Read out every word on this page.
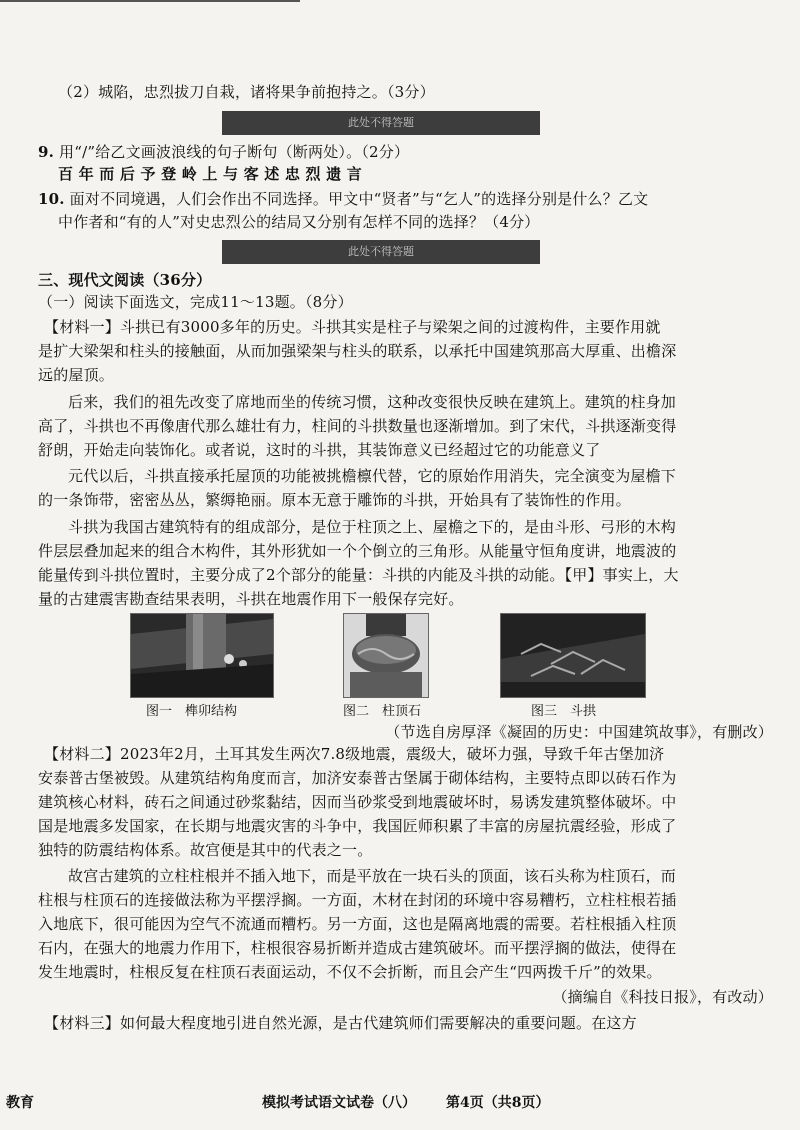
（2）城陷，忠烈拔刀自栽，诸将果争前抱持之。（3分）
此处不得答题
9. 用“/”给乙文画波浪线的句子断句（断两处）。（2分）
百 年 而 后 予 登 岭 上 与 客 述 忠 烈 遗 言
10. 面对不同境遇，人们会作出不同选择。甲文中“贤者”与“乞人”的选择分别是什么？乙文
中作者和“有的人”对史忠烈公的结局又分别有怎样不同的选择？（4分）
此处不得答题
三、现代文阅读（36分）
（一）阅读下面选文，完成11～13题。（8分）
【材料一】斗拱已有3000多年的历史。斗拱其实是柱子与梁架之间的过渡构件，主要作用就
是扩大梁架和柱头的接触面，从而加强梁架与柱头的联系，以承托中国建筑那高大厚重、出檐深
远的屋顶。
后来，我们的祖先改变了席地而坐的传统习惯，这种改变很快反映在建筑上。建筑的柱身加
高了，斗拱也不再像唐代那么雄壮有力，柱间的斗拱数量也逐渐增加。到了宋代，斗拱逐渐变得
舒朗，开始走向装饰化。或者说，这时的斗拱，其装饰意义已经超过它的功能意义了
元代以后，斗拱直接承托屋顶的功能被挑檐檩代替，它的原始作用消失，完全演变为屋檐下
的一条饰带，密密丛丛，繁缛艳丽。原本无意于雕饰的斗拱，开始具有了装饰性的作用。
斗拱为我国古建筑特有的组成部分，是位于柱顶之上、屋檐之下的，是由斗形、弓形的木构
件层层叠加起来的组合木构件，其外形犹如一个个倒立的三角形。从能量守恒角度讲，地震波的
能量传到斗拱位置时，主要分成了2个部分的能量：斗拱的内能及斗拱的动能。【甲】事实上，大
量的古建震害勘查结果表明，斗拱在地震作用下一般保存完好。
图一　榫卯结构	图二　柱顶石	图三　斗拱
（节选自房厚泽《凝固的历史：中国建筑故事》，有删改）
【材料二】2023年2月，土耳其发生两次7.8级地震，震级大，破坏力强，导致千年古堡加济
安泰普古堡被毁。从建筑结构角度而言，加济安泰普古堡属于砌体结构，主要特点即以砖石作为
建筑核心材料，砖石之间通过砂浆黏结，因而当砂浆受到地震破坏时，易诱发建筑整体破坏。中
国是地震多发国家，在长期与地震灾害的斗争中，我国匠师积累了丰富的房屋抗震经验，形成了
独特的防震结构体系。故宫便是其中的代表之一。
故宫古建筑的立柱柱根并不插入地下，而是平放在一块石头的顶面，该石头称为柱顶石，而
柱根与柱顶石的连接做法称为平摆浮搁。一方面，木材在封闭的环境中容易糟朽，立柱柱根若插
入地底下，很可能因为空气不流通而糟朽。另一方面，这也是隔离地震的需要。若柱根插入柱顶
石内，在强大的地震力作用下，柱根很容易折断并造成古建筑破坏。而平摆浮搁的做法，使得在
发生地震时，柱根反复在柱顶石表面运动，不仅不会折断，而且会产生“四两拨千斤”的效果。
（摘编自《科技日报》，有改动）
【材料三】如何最大程度地引进自然光源，是古代建筑师们需要解决的重要问题。在这方
教育	模拟考试语文试卷（八） 第4页（共8页）
